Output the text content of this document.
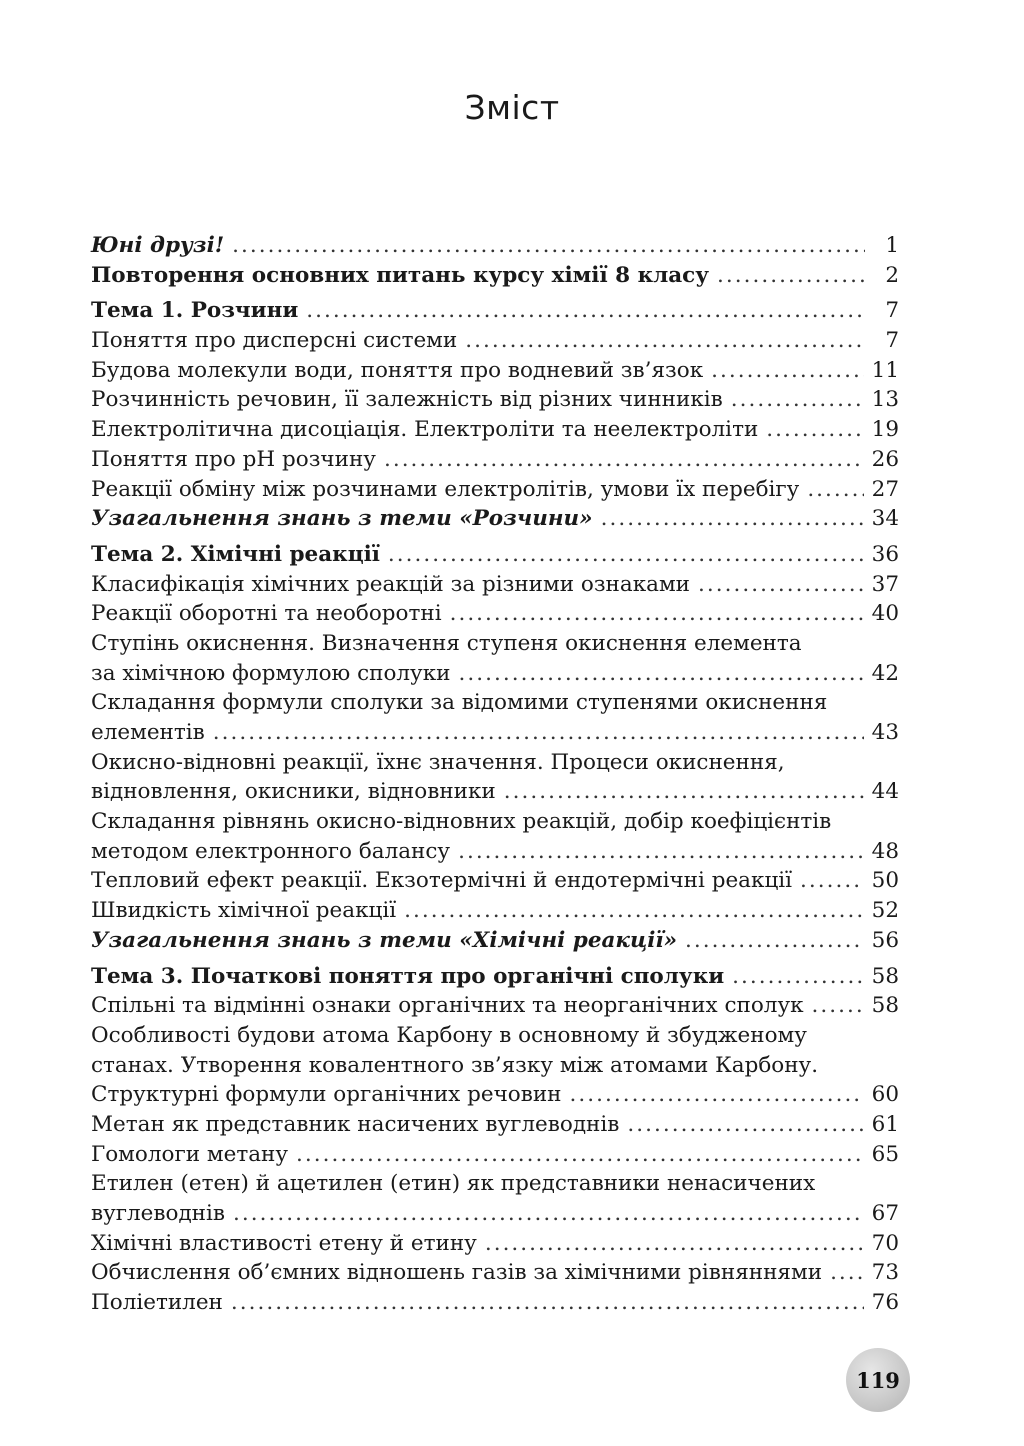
Зміст
Юні друзі! . . .	1
Повторення основних питань курсу хімії 8 класу . . .	2
Тема 1. Розчини . . .	7
Поняття про дисперсні системи . . .	7
Будова молекули води, поняття про водневий зв’язок . . .	11
Розчинність речовин, її залежність від різних чинників . . .	13
Електролітична дисоціація. Електроліти та неелектроліти . . .	19
Поняття про pH розчину . . .	26
Реакції обміну між розчинами електролітів, умови їх перебігу . . .	27
Узагальнення знань з теми «Розчини» . . .	34
Тема 2. Хімічні реакції . . .	36
Класифікація хімічних реакцій за різними ознаками . . .	37
Реакції оборотні та необоротні . . .	40
Ступінь окиснення. Визначення ступеня окиснення елемента
за хімічною формулою сполуки . . .	42
Складання формули сполуки за відомими ступенями окиснення
елементів . . .	43
Окисно-відновні реакції, їхнє значення. Процеси окиснення,
відновлення, окисники, відновники . . .	44
Складання рівнянь окисно-відновних реакцій, добір коефіцієнтів
методом електронного балансу . . .	48
Тепловий ефект реакції. Екзотермічні й ендотермічні реакції . . .	50
Швидкість хімічної реакції . . .	52
Узагальнення знань з теми «Хімічні реакції» . . .	56
Тема 3. Початкові поняття про органічні сполуки . . .	58
Спільні та відмінні ознаки органічних та неорганічних сполук . . .	58
Особливості будови атома Карбону в основному й збудженому
станах. Утворення ковалентного зв’язку між атомами Карбону.
Структурні формули органічних речовин . . .	60
Метан як представник насичених вуглеводнів . . .	61
Гомологи метану . . .	65
Етилен (етен) й ацетилен (етин) як представники ненасичених
вуглеводнів . . .	67
Хімічні властивості етену й етину . . .	70
Обчислення об’ємних відношень газів за хімічними рівняннями . . . 73
Поліетилен . . .	76
119
